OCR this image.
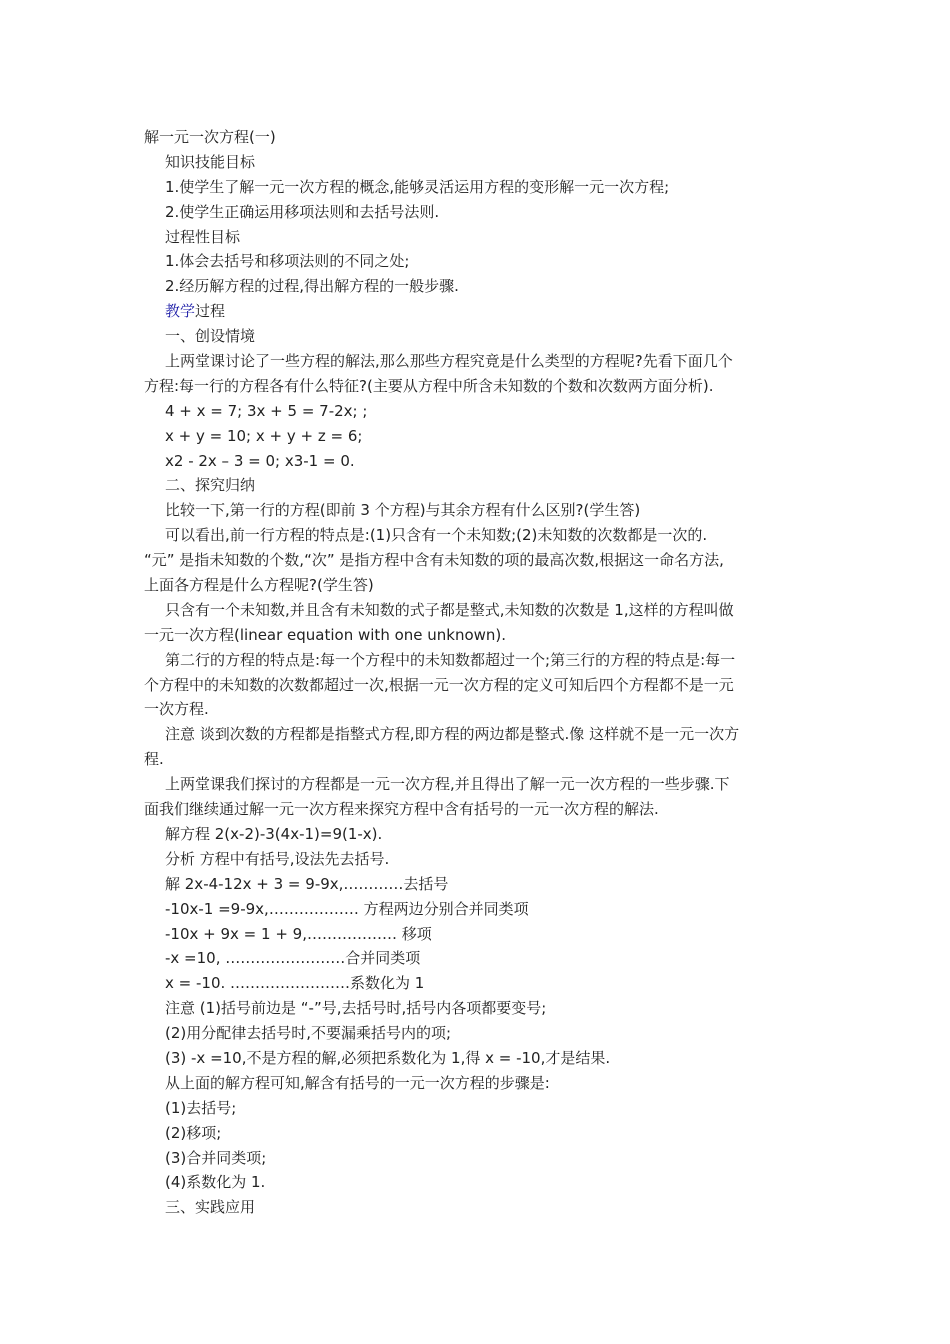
解一元一次方程(一)
知识技能目标
1.使学生了解一元一次方程的概念,能够灵活运用方程的变形解一元一次方程;
2.使学生正确运用移项法则和去括号法则.
过程性目标
1.体会去括号和移项法则的不同之处;
2.经历解方程的过程,得出解方程的一般步骤.
教学过程
一、创设情境
上两堂课讨论了一些方程的解法,那么那些方程究竟是什么类型的方程呢?先看下面几个
方程:每一行的方程各有什么特征?(主要从方程中所含未知数的个数和次数两方面分析).
4 + x = 7; 3x + 5 = 7-2x; ;
x + y = 10; x + y + z = 6;
x2 - 2x – 3 = 0; x3-1 = 0.
二、探究归纳
比较一下,第一行的方程(即前 3 个方程)与其余方程有什么区别?(学生答)
可以看出,前一行方程的特点是:(1)只含有一个未知数;(2)未知数的次数都是一次的.
“元” 是指未知数的个数,“次” 是指方程中含有未知数的项的最高次数,根据这一命名方法,
上面各方程是什么方程呢?(学生答)
只含有一个未知数,并且含有未知数的式子都是整式,未知数的次数是 1,这样的方程叫做
一元一次方程(linear equation with one unknown).
第二行的方程的特点是:每一个方程中的未知数都超过一个;第三行的方程的特点是:每一
个方程中的未知数的次数都超过一次,根据一元一次方程的定义可知后四个方程都不是一元
一次方程.
注意 谈到次数的方程都是指整式方程,即方程的两边都是整式.像 这样就不是一元一次方
程.
上两堂课我们探讨的方程都是一元一次方程,并且得出了解一元一次方程的一些步骤.下
面我们继续通过解一元一次方程来探究方程中含有括号的一元一次方程的解法.
解方程 2(x-2)-3(4x-1)=9(1-x).
分析 方程中有括号,设法先去括号.
解 2x-4-12x + 3 = 9-9x,…………去括号
-10x-1 =9-9x,……………… 方程两边分别合并同类项
-10x + 9x = 1 + 9,……………… 移项
-x =10, ……………………合并同类项
x = -10. ……………………系数化为 1
注意 (1)括号前边是 “-”号,去括号时,括号内各项都要变号;
(2)用分配律去括号时,不要漏乘括号内的项;
(3) -x =10,不是方程的解,必须把系数化为 1,得 x = -10,才是结果.
从上面的解方程可知,解含有括号的一元一次方程的步骤是:
(1)去括号;
(2)移项;
(3)合并同类项;
(4)系数化为 1.
三、实践应用
